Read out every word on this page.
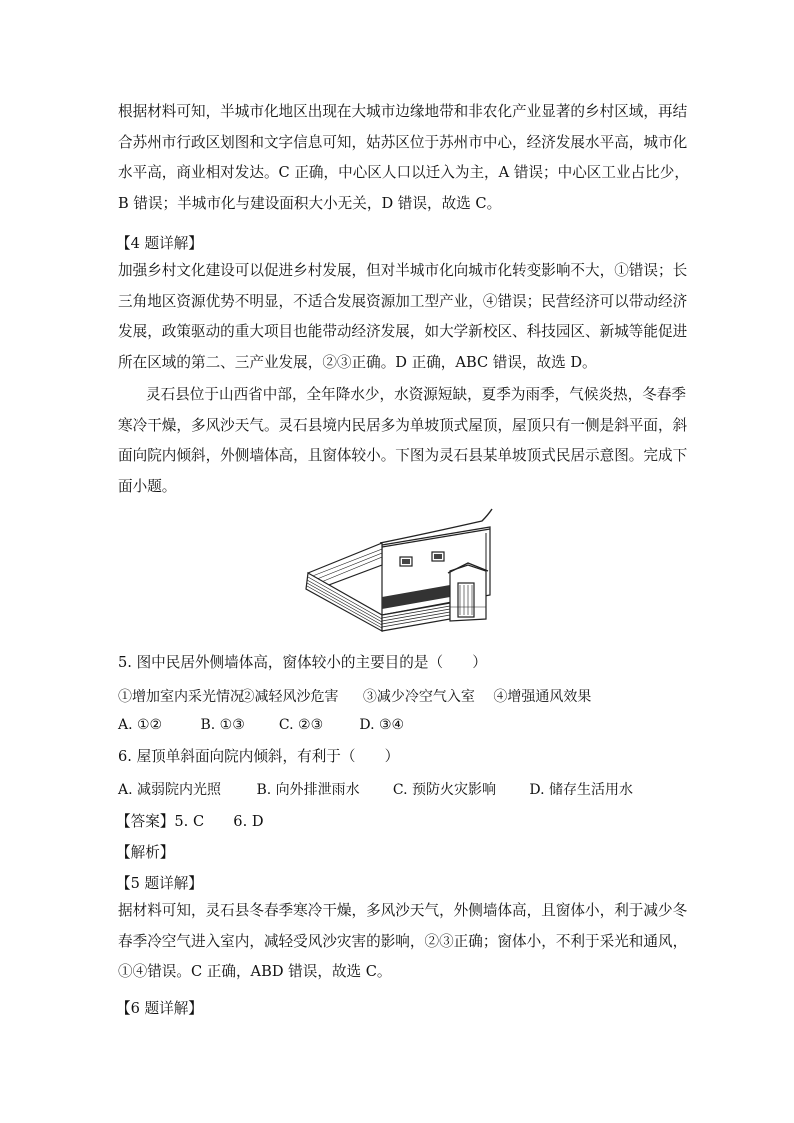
根据材料可知，半城市化地区出现在大城市边缘地带和非农化产业显著的乡村区域，再结
合苏州市行政区划图和文字信息可知，姑苏区位于苏州市中心，经济发展水平高，城市化
水平高，商业相对发达。C 正确，中心区人口以迁入为主，A 错误；中心区工业占比少，
B 错误；半城市化与建设面积大小无关，D 错误，故选 C。
【4 题详解】
加强乡村文化建设可以促进乡村发展，但对半城市化向城市化转变影响不大，①错误；长
三角地区资源优势不明显，不适合发展资源加工型产业，④错误；民营经济可以带动经济
发展，政策驱动的重大项目也能带动经济发展，如大学新校区、科技园区、新城等能促进
所在区域的第二、三产业发展，②③正确。D 正确，ABC 错误，故选 D。
灵石县位于山西省中部，全年降水少，水资源短缺，夏季为雨季，气候炎热，冬春季
寒冷干燥，多风沙天气。灵石县境内民居多为单坡顶式屋顶，屋顶只有一侧是斜平面，斜
面向院内倾斜，外侧墙体高，且窗体较小。下图为灵石县某单坡顶式民居示意图。完成下
面小题。
5. 图中民居外侧墙体高，窗体较小的主要目的是（　　）
①增加室内采光情况 ②减轻风沙危害 ③减少冷空气入室 ④增强通风效果
A. ①②	B. ①③ C. ②③	D. ③④
6. 屋顶单斜面向院内倾斜，有利于（　　）
A. 减弱院内光照	B. 向外排泄雨水 C. 预防火灾影响 D. 储存生活用水
【答案】5. C　　6. D
【解析】
【5 题详解】
据材料可知，灵石县冬春季寒冷干燥，多风沙天气，外侧墙体高，且窗体小，利于减少冬
春季冷空气进入室内，减轻受风沙灾害的影响，②③正确；窗体小，不利于采光和通风，
①④错误。C 正确，ABD 错误，故选 C。
【6 题详解】
